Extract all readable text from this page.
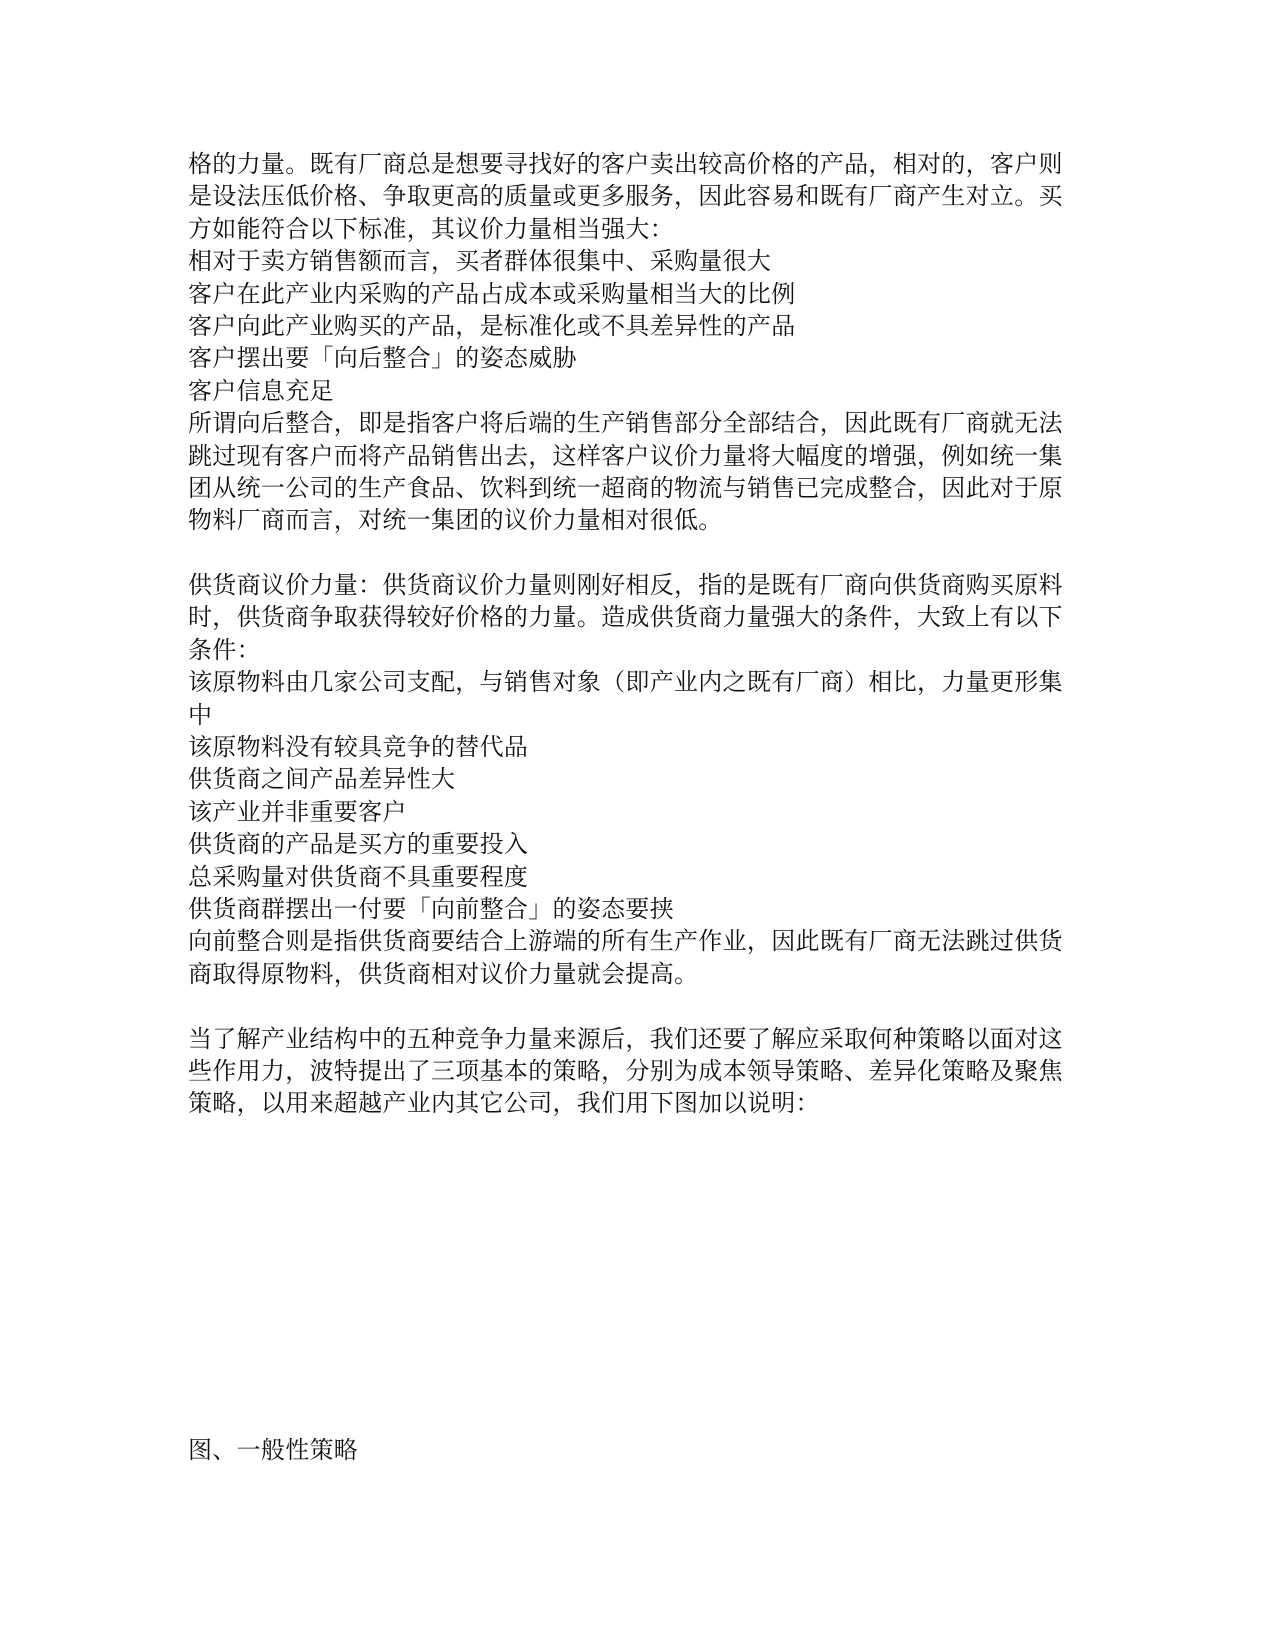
格的力量。既有厂商总是想要寻找好的客户卖出较高价格的产品，相对的，客户则
是设法压低价格、争取更高的质量或更多服务，因此容易和既有厂商产生对立。买
方如能符合以下标准，其议价力量相当强大：
相对于卖方销售额而言，买者群体很集中、采购量很大
客户在此产业内采购的产品占成本或采购量相当大的比例
客户向此产业购买的产品，是标准化或不具差异性的产品
客户摆出要「向后整合」的姿态威胁
客户信息充足
所谓向后整合，即是指客户将后端的生产销售部分全部结合，因此既有厂商就无法
跳过现有客户而将产品销售出去，这样客户议价力量将大幅度的增强，例如统一集
团从统一公司的生产食品、饮料到统一超商的物流与销售已完成整合，因此对于原
物料厂商而言，对统一集团的议价力量相对很低。
供货商议价力量：供货商议价力量则刚好相反，指的是既有厂商向供货商购买原料
时，供货商争取获得较好价格的力量。造成供货商力量强大的条件，大致上有以下
条件：
该原物料由几家公司支配，与销售对象（即产业内之既有厂商）相比，力量更形集
中
该原物料没有较具竞争的替代品
供货商之间产品差异性大
该产业并非重要客户
供货商的产品是买方的重要投入
总采购量对供货商不具重要程度
供货商群摆出一付要「向前整合」的姿态要挟
向前整合则是指供货商要结合上游端的所有生产作业，因此既有厂商无法跳过供货
商取得原物料，供货商相对议价力量就会提高。
当了解产业结构中的五种竞争力量来源后，我们还要了解应采取何种策略以面对这
些作用力，波特提出了三项基本的策略，分别为成本领导策略、差异化策略及聚焦
策略，以用来超越产业内其它公司，我们用下图加以说明：
图、一般性策略
